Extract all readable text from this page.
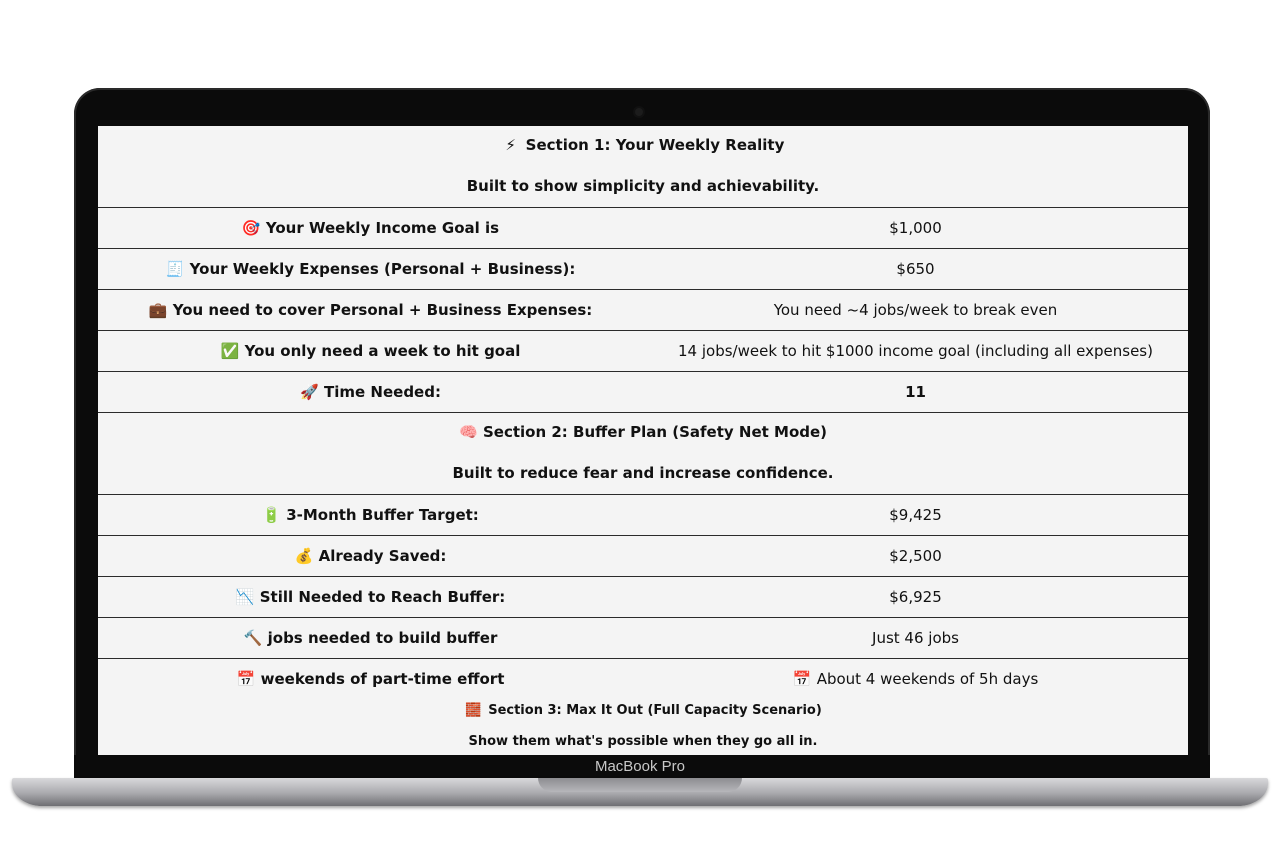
⚡ Section 1: Your Weekly Reality
Built to show simplicity and achievability.
🎯 Your Weekly Income Goal is	$1,000
🧾 Your Weekly Expenses (Personal + Business):	$650
💼 You need to cover Personal + Business Expenses:	You need ~4 jobs/week to break even
✅ You only need a week to hit goal	14 jobs/week to hit $1000 income goal (including all expenses)
🚀 Time Needed:	11
🧠 Section 2: Buffer Plan (Safety Net Mode)
Built to reduce fear and increase confidence.
🔋 3-Month Buffer Target:	$9,425
💰 Already Saved:	$2,500
📉 Still Needed to Reach Buffer:	$6,925
🔨 jobs needed to build buffer	Just 46 jobs
📅 weekends of part-time effort	📅 About 4 weekends of 5h days
🧱 Section 3: Max It Out (Full Capacity Scenario)
Show them what's possible when they go all in.
MacBook Pro
